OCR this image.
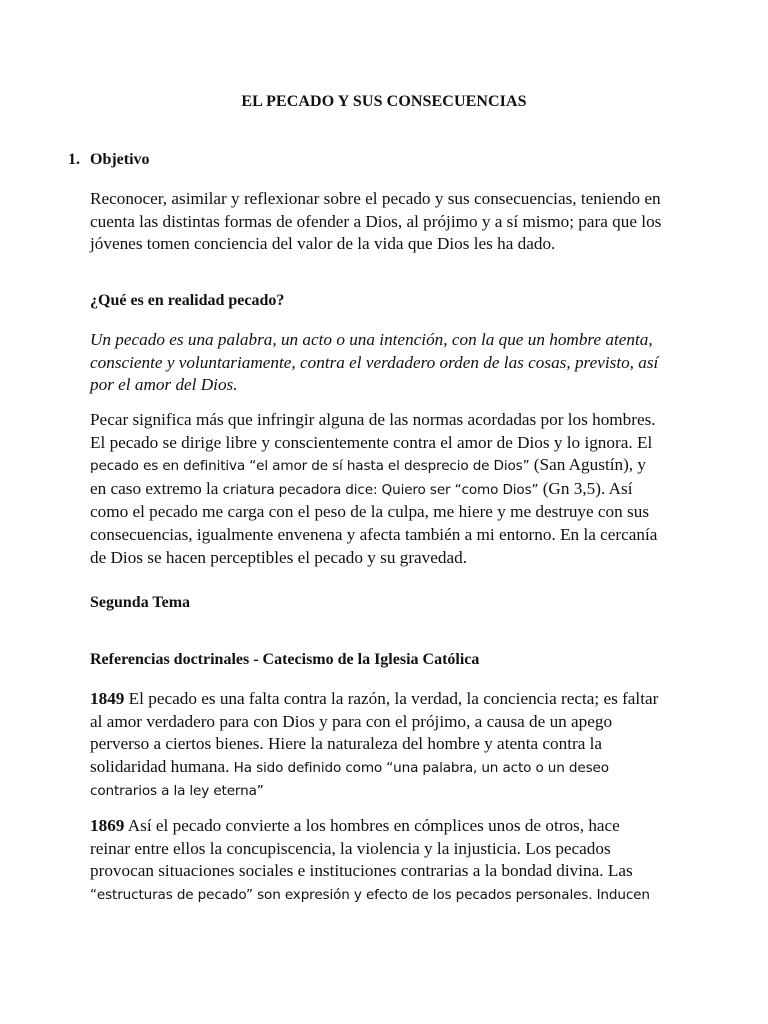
EL PECADO Y SUS CONSECUENCIAS
1. Objetivo
Reconocer, asimilar y reflexionar sobre el pecado y sus consecuencias, teniendo en
cuenta las distintas formas de ofender a Dios, al prójimo y a sí mismo; para que los
jóvenes tomen conciencia del valor de la vida que Dios les ha dado.
¿Qué es en realidad pecado?
Un pecado es una palabra, un acto o una intención, con la que un hombre atenta,
consciente y voluntariamente, contra el verdadero orden de las cosas, previsto, así
por el amor del Dios.
Pecar significa más que infringir alguna de las normas acordadas por los hombres.
El pecado se dirige libre y conscientemente contra el amor de Dios y lo ignora. El
pecado es en definitiva “el amor de sí hasta el desprecio de Dios” (San Agustín), y
en caso extremo la criatura pecadora dice: Quiero ser “como Dios” (Gn 3,5). Así
como el pecado me carga con el peso de la culpa, me hiere y me destruye con sus
consecuencias, igualmente envenena y afecta también a mi entorno. En la cercanía
de Dios se hacen perceptibles el pecado y su gravedad.
Segunda Tema
Referencias doctrinales - Catecismo de la Iglesia Católica
1849 El pecado es una falta contra la razón, la verdad, la conciencia recta; es faltar
al amor verdadero para con Dios y para con el prójimo, a causa de un apego
perverso a ciertos bienes. Hiere la naturaleza del hombre y atenta contra la
solidaridad humana. Ha sido definido como “una palabra, un acto o un deseo
contrarios a la ley eterna”
1869 Así el pecado convierte a los hombres en cómplices unos de otros, hace
reinar entre ellos la concupiscencia, la violencia y la injusticia. Los pecados
provocan situaciones sociales e instituciones contrarias a la bondad divina. Las
“estructuras de pecado” son expresión y efecto de los pecados personales. Inducen
